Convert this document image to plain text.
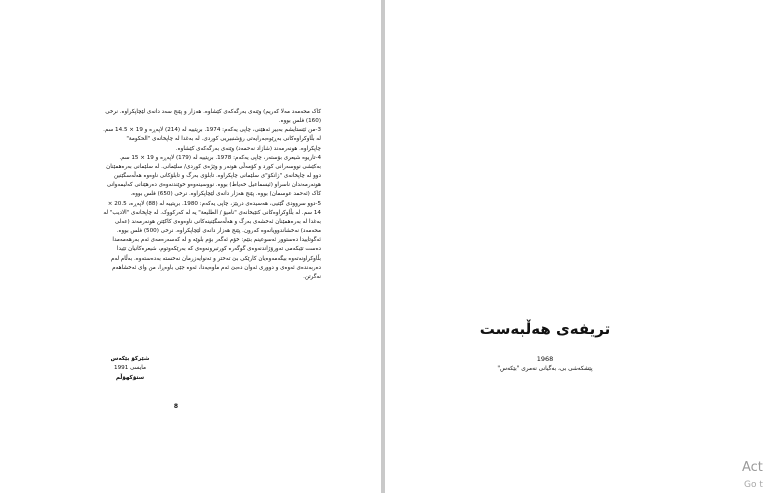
کاک محەمەد مەلا کەریم) وێنەی بەرگەکەی کێشاوە. هەزار و پێنج سەد دانەی لێچاپکراوە. نرخی (160) فلس بووە.

3-من ئێستایشم بەبیر ئەهێنی، چاپی یەکەم: 1974. بریتییە لە (214) لاپەڕە و 19 × 14.5 سم. لە بڵاوکراوەکانی بەڕێوەبەرایەتی رۆشنبیریی کوردی. لە بەغدا لە چاپخانەی "الحکومة" چاپکراوە. هونەرمەند (شازاد نەحمەد) وێنەی بەرگەکەی کێشاوە.

4-تاریوە شیعری بۆستەر، چاپی یەکەم: 1978. بریتییە لە (179) لاپەڕە و 19 × 15 سم. بەکێشی نووسەرانی کورد و کۆمەڵی هونەر و وێژەی کوردی/ سلێمانی. لە سلێمانی بەرەهمێنان دوو لە چاپخانەی "زانکۆ"ی سلێمانی چاپکراوە. تابلۆی بەرگ و تابلۆکانی ناوەوە هەڵەسگێنین هونەرمەندان ناسراو (ئیسماعیل خەیاط) بووە. نووسینەوەو خوێندنەوەی دەرهێنانی کەلیمەوانی کاک (ئەحمد عوسمان) بووە. پێنج هەزار دانەی لێچاپکراوە. نرخی (650) فلس بووە.

5-دوو سروودی گێتیی، هەسیدەی دریێز، چاپی یەکەم: 1980. بریتییە لە (88) لاپەڕە، 20.5 × 14 سم. لە بڵاوکراوەکانی کتێبخانەی "نامیۆ / الطلیعة" یە لە کەرکووک. لە چاپخانەی "الادیب" لە بەغدا لە بەرەهمێنان ئەخشەی بەرگ و هەڵەسگێنینەکانی ناوەوەی کاکێتن هونەرمەند (عەلی محەمەد) نەخشاندوویانەوە کەرون. پێنج هەزار دانەی لێچاپکراوە. نرخی (500) فلس بووە.

ئەگوتاییدا دەستوور ئەسوعینم بنێم: خۆم ئەگەر بۆم بلوێه و لە کەسەرەمەی ئەم بەرهەمەمدا دەست تێبکەمی تەورۆژاندنەوەی گوگەرە کورتبرونەوەی کە بەرێکەوتوم، شیعرەکانیان تێیدا بڵاوکراونەتەوە بیگەمەوەیان کارێکی بێ تەختر و تەنوایەزرمان نەخستە بەدەستەوە. بەڵام لەم دەربەندەی ئەوەی و دووری ئەوان دەبێ ئەم ماوەیەدا، ئەوە جێی باوەڕا، من وای ئەخشاهەم نەگرتن.

شێرکۆ بێکەس
مایسی 1991
ستۆکهۆڵم
8
تریفەی هەڵبەست
1968
پێشکەشی بی، بەگیانی نەمری "بێکەس"
Act
Go t
